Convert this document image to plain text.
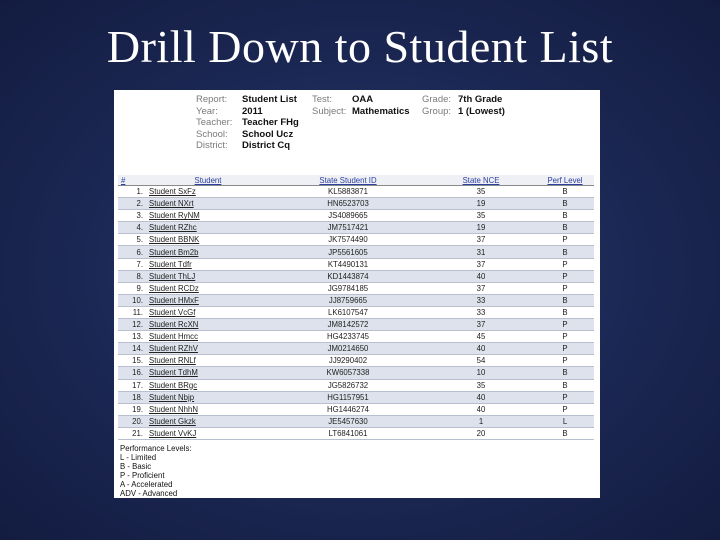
Drill Down to Student List
Report:	Student List	Test:	OAA	Grade: 7th Grade
Year:	2011	Subject: Mathematics	Group: 1 (Lowest)
Teacher:	Teacher FHg
School:	School Ucz
District:	District Cq
#	Student	State Student ID	State NCE	Perf Level
1.	Student SxFz	KL5883871	35	B
2.	Student NXrt	HN6523703	19	B
3.	Student RyNM	JS4089665	35	B
4.	Student RZhc	JM7517421	19	B
5.	Student BBNK	JK7574490	37	P
6.	Student Bm2b	JP5561605	31	B
7.	Student Tdfr	KT4490131	37	P
8.	Student ThLJ	KD1443874	40	P
9.	Student RCDz	JG9784185	37	P
10.	Student HMxF	JJ8759665	33	B
11.	Student VcGf	LK6107547	33	B
12.	Student RcXN	JM8142572	37	P
13.	Student Hmcc	HG4233745	45	P
14.	Student RZhV	JM0214650	40	P
15.	Student RNLf	JJ9290402	54	P
16.	Student TdhM	KW6057338	10	B
17.	Student BRgc	JG5826732	35	B
18.	Student Nbjp	HG1157951	40	P
19.	Student NhhN	HG1446274	40	P
20.	Student Gkzk	JE5457630	1	L
21.	Student VvKJ	LT6841061	20	B
Performance Levels:
L - Limited
B - Basic
P - Proficient
A - Accelerated
ADV - Advanced
